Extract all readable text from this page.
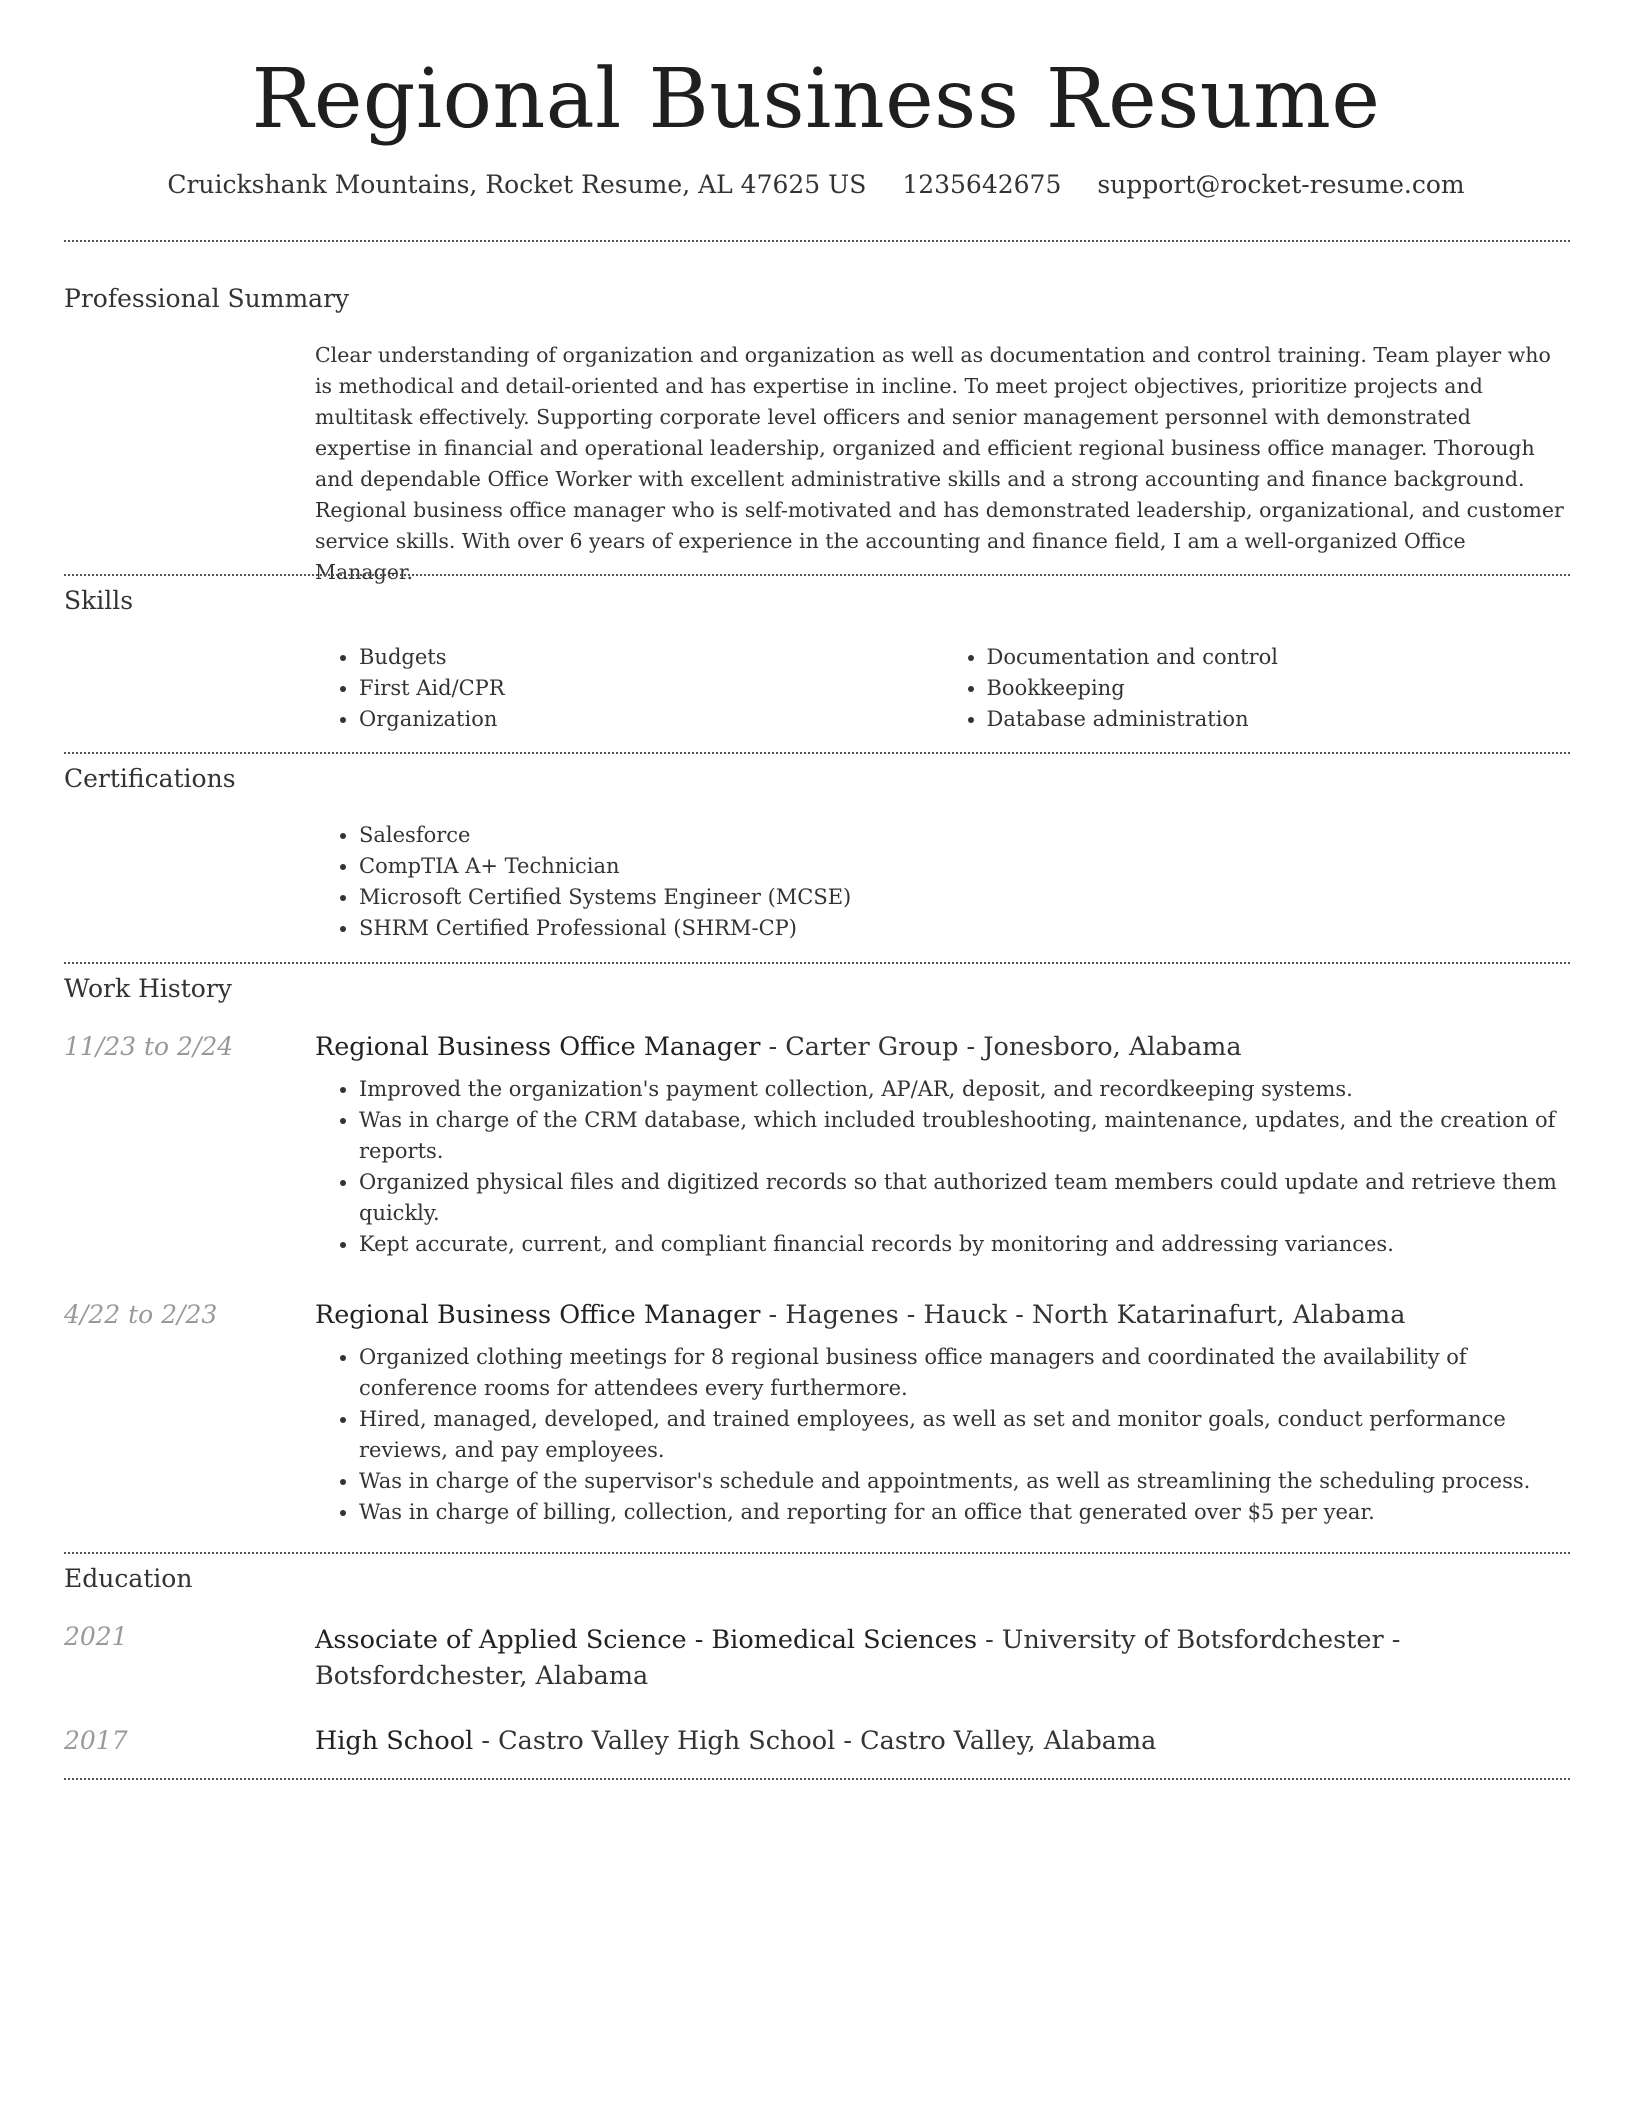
Regional Business Resume
Cruickshank Mountains, Rocket Resume, AL 47625 US 1235642675 support@rocket-resume.com
Professional Summary

Clear understanding of organization and organization as well as documentation and control training. Team player who is methodical and detail-oriented and has expertise in incline. To meet project objectives, prioritize projects and multitask effectively. Supporting corporate level officers and senior management personnel with demonstrated expertise in financial and operational leadership, organized and efficient regional business office manager. Thorough and dependable Office Worker with excellent administrative skills and a strong accounting and finance background. Regional business office manager who is self-motivated and has demonstrated leadership, organizational, and customer service skills. With over 6 years of experience in the accounting and finance field, I am a well-organized Office Manager.

Skills
• Budgets
• First Aid/CPR
• Organization
• Documentation and control
• Bookkeeping
• Database administration
Certifications
• Salesforce
• CompTIA A+ Technician
• Microsoft Certified Systems Engineer (MCSE)
• SHRM Certified Professional (SHRM-CP)
Work History
11/23 to 2/24	Regional Business Office Manager - Carter Group - Jonesboro, Alabama

• Improved the organization's payment collection, AP/AR, deposit, and recordkeeping systems.
• Was in charge of the CRM database, which included troubleshooting, maintenance, updates, and the creation of reports.
• Organized physical files and digitized records so that authorized team members could update and retrieve them quickly.
• Kept accurate, current, and compliant financial records by monitoring and addressing variances.
4/22 to 2/23	Regional Business Office Manager - Hagenes - Hauck - North Katarinafurt, Alabama

• Organized clothing meetings for 8 regional business office managers and coordinated the availability of conference rooms for attendees every furthermore.
• Hired, managed, developed, and trained employees, as well as set and monitor goals, conduct performance reviews, and pay employees.
• Was in charge of the supervisor's schedule and appointments, as well as streamlining the scheduling process.
• Was in charge of billing, collection, and reporting for an office that generated over $5 per year.
Education
2021	Associate of Applied Science - Biomedical Sciences - University of Botsfordchester - Botsfordchester, Alabama

2017	High School - Castro Valley High School - Castro Valley, Alabama
